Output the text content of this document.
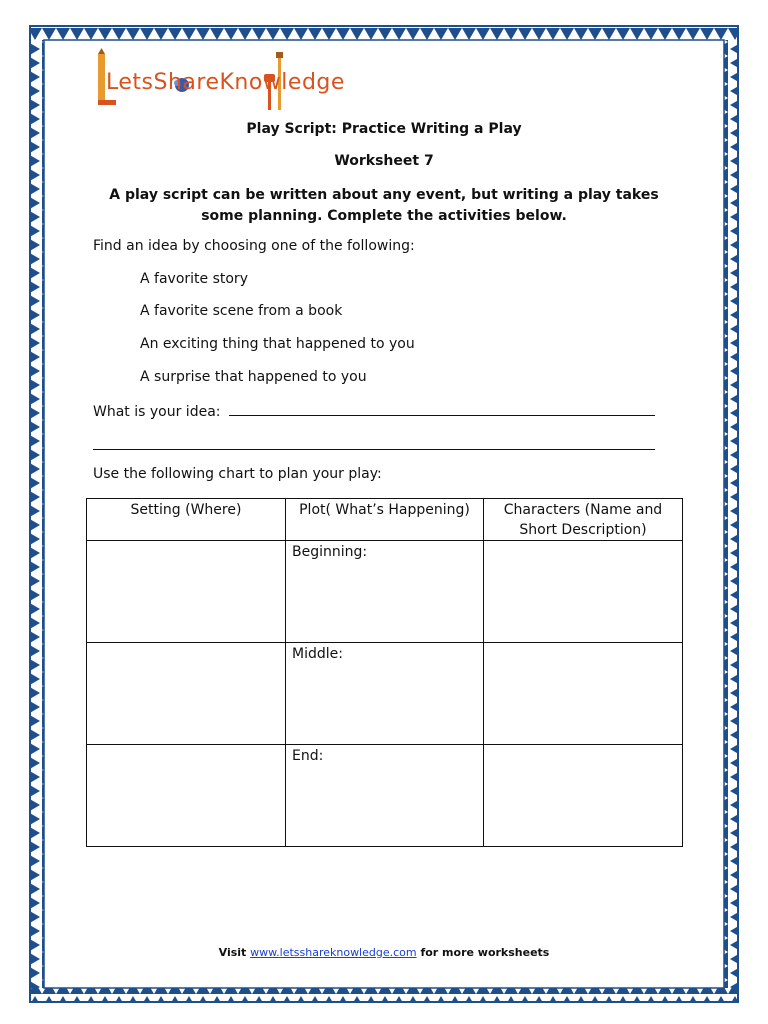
LetsShareKnowledge
Play Script: Practice Writing a Play
Worksheet 7
A play script can be written about any event, but writing a play takes some planning. Complete the activities below.
Find an idea by choosing one of the following:
A favorite story
A favorite scene from a book
An exciting thing that happened to you
A surprise that happened to you
What is your idea:
Use the following chart to plan your play:
Setting (Where)	Plot( What’s Happening)	Characters (Name and Short Description)

	Beginning:	

	Middle:	

	End:	

Visit www.letsshareknowledge.com for more worksheets
